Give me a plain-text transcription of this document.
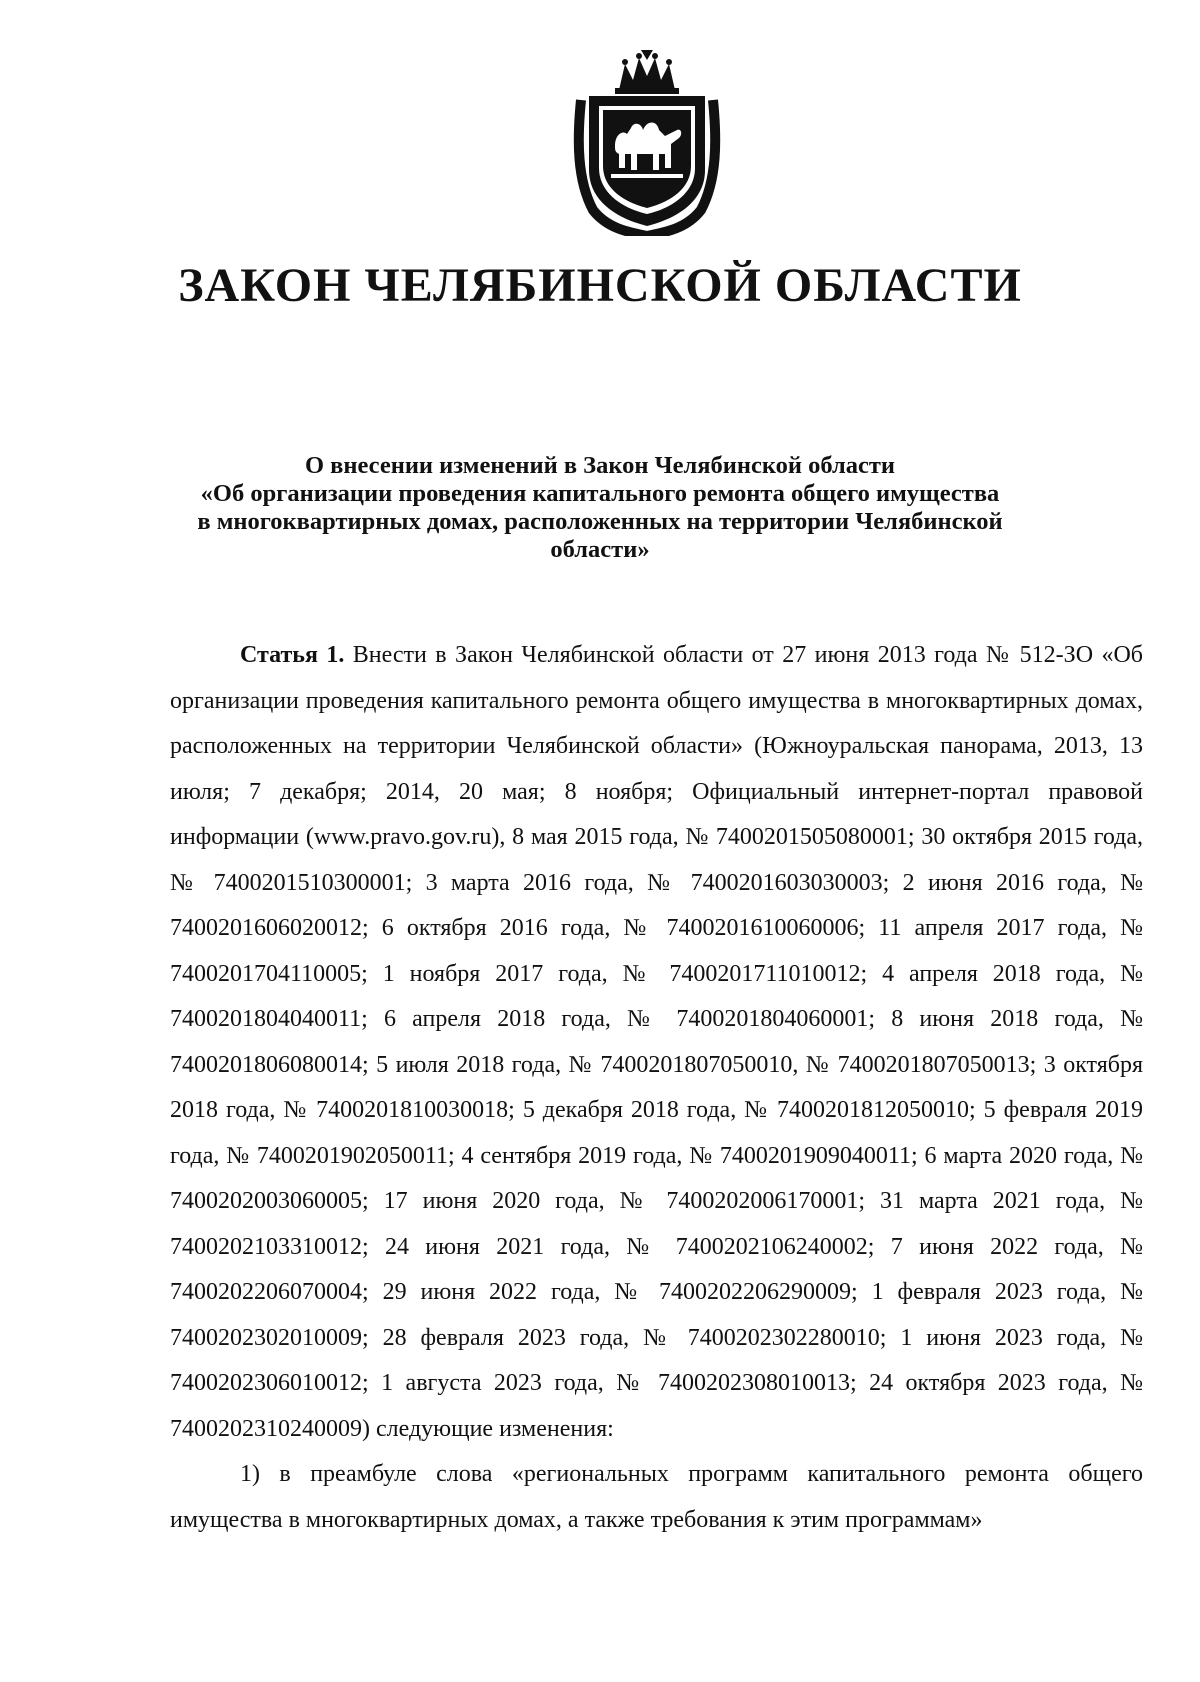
ЗАКОН ЧЕЛЯБИНСКОЙ ОБЛАСТИ
О внесении изменений в Закон Челябинской области
«Об организации проведения капитального ремонта общего имущества
в многоквартирных домах, расположенных на территории Челябинской
области»

Статья 1. Внести в Закон Челябинской области от 27 июня 2013 года № 512-ЗО «Об организации проведения капитального ремонта общего имущества в многоквартирных домах, расположенных на территории Челябинской области» (Южноуральская панорама, 2013, 13 июля; 7 декабря; 2014, 20 мая; 8 ноября; Официальный интернет-портал правовой информации (www.pravo.gov.ru), 8 мая 2015 года, № 7400201505080001; 30 октября 2015 года, № 7400201510300001; 3 марта 2016 года, № 7400201603030003; 2 июня 2016 года, № 7400201606020012; 6 октября 2016 года, № 7400201610060006; 11 апреля 2017 года, № 7400201704110005; 1 ноября 2017 года, № 7400201711010012; 4 апреля 2018 года, № 7400201804040011; 6 апреля 2018 года, № 7400201804060001; 8 июня 2018 года, № 7400201806080014; 5 июля 2018 года, № 7400201807050010, № 7400201807050013; 3 октября 2018 года, № 7400201810030018; 5 декабря 2018 года, № 7400201812050010; 5 февраля 2019 года, № 7400201902050011; 4 сентября 2019 года, № 7400201909040011; 6 марта 2020 года, № 7400202003060005; 17 июня 2020 года, № 7400202006170001; 31 марта 2021 года, № 7400202103310012; 24 июня 2021 года, № 7400202106240002; 7 июня 2022 года, № 7400202206070004; 29 июня 2022 года, № 7400202206290009; 1 февраля 2023 года, № 7400202302010009; 28 февраля 2023 года, № 7400202302280010; 1 июня 2023 года, № 7400202306010012; 1 августа 2023 года, № 7400202308010013; 24 октября 2023 года, № 7400202310240009) следующие изменения:

1) в преамбуле слова «региональных программ капитального ремонта общего имущества в многоквартирных домах, а также требования к этим программам»
